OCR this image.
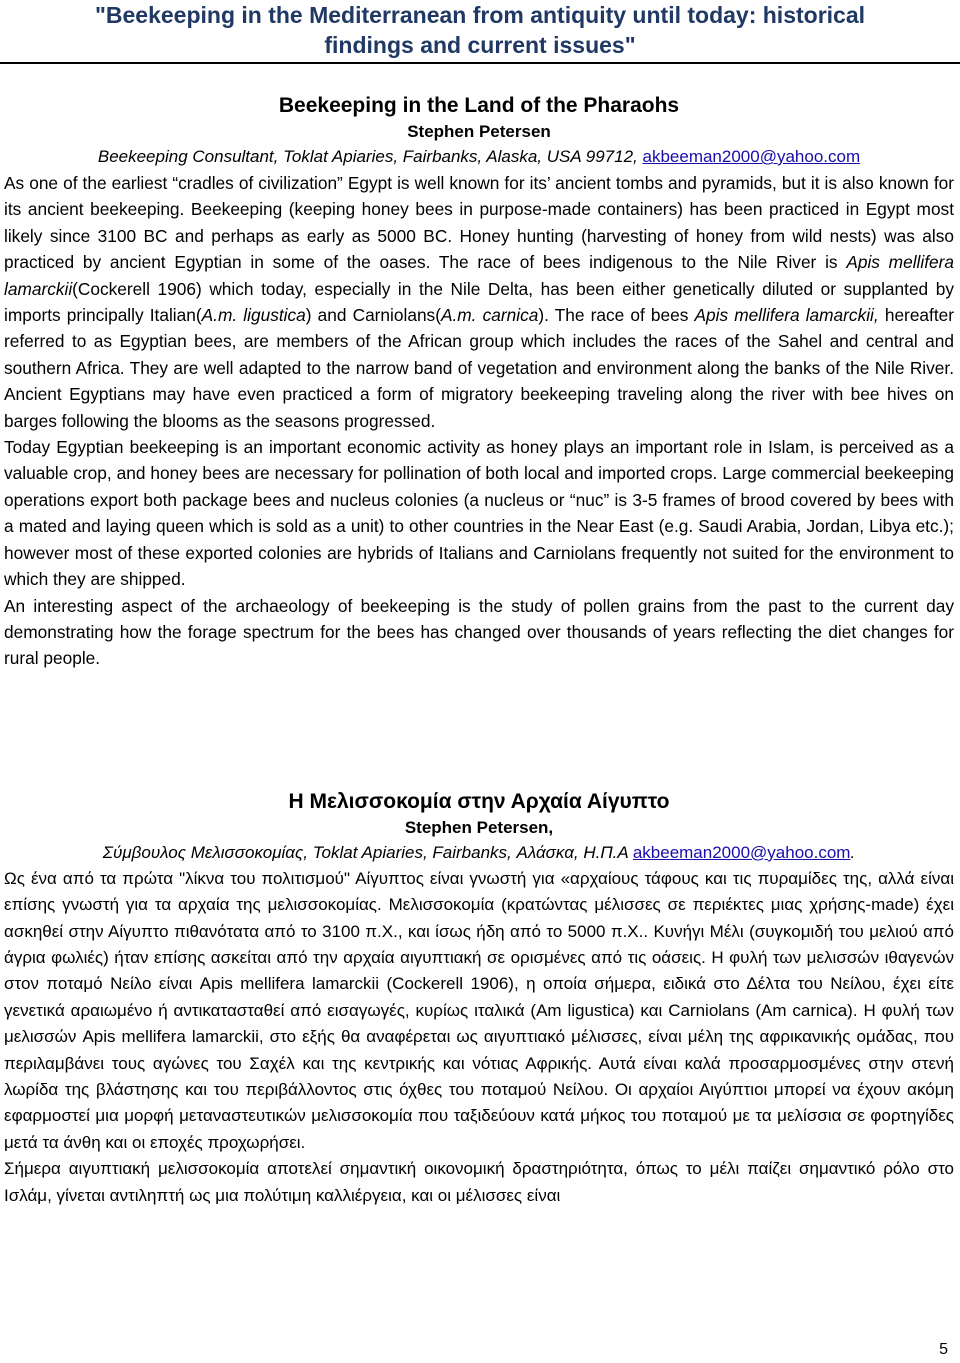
"Beekeeping in the Mediterranean from antiquity until today: historical
findings and current issues"
Beekeeping in the Land of the Pharaohs

Stephen Petersen

Beekeeping Consultant, Toklat Apiaries, Fairbanks, Alaska, USA 99712, akbeeman2000@yahoo.com

As one of the earliest “cradles of civilization” Egypt is well known for its’ ancient tombs and pyramids, but it is also known for its ancient beekeeping. Beekeeping (keeping honey bees in purpose-made containers) has been practiced in Egypt most likely since 3100 BC and perhaps as early as 5000 BC. Honey hunting (harvesting of honey from wild nests) was also practiced by ancient Egyptian in some of the oases. The race of bees indigenous to the Nile River is Apis mellifera lamarckii(Cockerell 1906) which today, especially in the Nile Delta, has been either genetically diluted or supplanted by imports principally Italian(A.m. ligustica) and Carniolans(A.m. carnica). The race of bees Apis mellifera lamarckii, hereafter referred to as Egyptian bees, are members of the African group which includes the races of the Sahel and central and southern Africa. They are well adapted to the narrow band of vegetation and environment along the banks of the Nile River. Ancient Egyptians may have even practiced a form of migratory beekeeping traveling along the river with bee hives on barges following the blooms as the seasons progressed.

Today Egyptian beekeeping is an important economic activity as honey plays an important role in Islam, is perceived as a valuable crop, and honey bees are necessary for pollination of both local and imported crops. Large commercial beekeeping operations export both package bees and nucleus colonies (a nucleus or “nuc” is 3-5 frames of brood covered by bees with a mated and laying queen which is sold as a unit) to other countries in the Near East (e.g. Saudi Arabia, Jordan, Libya etc.); however most of these exported colonies are hybrids of Italians and Carniolans frequently not suited for the environment to which they are shipped.

An interesting aspect of the archaeology of beekeeping is the study of pollen grains from the past to the current day demonstrating how the forage spectrum for the bees has changed over thousands of years reflecting the diet changes for rural people.

Η Μελισσοκομία στην Αρχαία Αίγυπτο

Stephen Petersen,

Σύμβουλος Μελισσοκομίας, Toklat Apiaries, Fairbanks, Αλάσκα, Η.Π.Α akbeeman2000@yahoo.com.

Ως ένα από τα πρώτα "λίκνα του πολιτισμού" Αίγυπτος είναι γνωστή για «αρχαίους τάφους και τις πυραμίδες της, αλλά είναι επίσης γνωστή για τα αρχαία της μελισσοκομίας. Μελισσοκομία (κρατώντας μέλισσες σε περιέκτες μιας χρήσης-made) έχει ασκηθεί στην Αίγυπτο πιθανότατα από το 3100 π.Χ., και ίσως ήδη από το 5000 π.Χ.. Κυνήγι Μέλι (συγκομιδή του μελιού από άγρια φωλιές) ήταν επίσης ασκείται από την αρχαία αιγυπτιακή σε ορισμένες από τις οάσεις. Η φυλή των μελισσών ιθαγενών στον ποταμό Νείλο είναι Apis mellifera lamarckii (Cockerell 1906), η οποία σήμερα, ειδικά στο Δέλτα του Νείλου, έχει είτε γενετικά αραιωμένο ή αντικατασταθεί από εισαγωγές, κυρίως ιταλικά (Am ligustica) και Carniolans (Am carnica). Η φυλή των μελισσών Apis mellifera lamarckii, στο εξής θα αναφέρεται ως αιγυπτιακό μέλισσες, είναι μέλη της αφρικανικής ομάδας, που περιλαμβάνει τους αγώνες του Σαχέλ και της κεντρικής και νότιας Αφρικής. Αυτά είναι καλά προσαρμοσμένες στην στενή λωρίδα της βλάστησης και του περιβάλλοντος στις όχθες του ποταμού Νείλου. Οι αρχαίοι Αιγύπτιοι μπορεί να έχουν ακόμη εφαρμοστεί μια μορφή μεταναστευτικών μελισσοκομία που ταξιδεύουν κατά μήκος του ποταμού με τα μελίσσια σε φορτηγίδες μετά τα άνθη και οι εποχές προχωρήσει.

Σήμερα αιγυπτιακή μελισσοκομία αποτελεί σημαντική οικονομική δραστηριότητα, όπως το μέλι παίζει σημαντικό ρόλο στο Ισλάμ, γίνεται αντιληπτή ως μια πολύτιμη καλλιέργεια, και οι μέλισσες είναι

5
